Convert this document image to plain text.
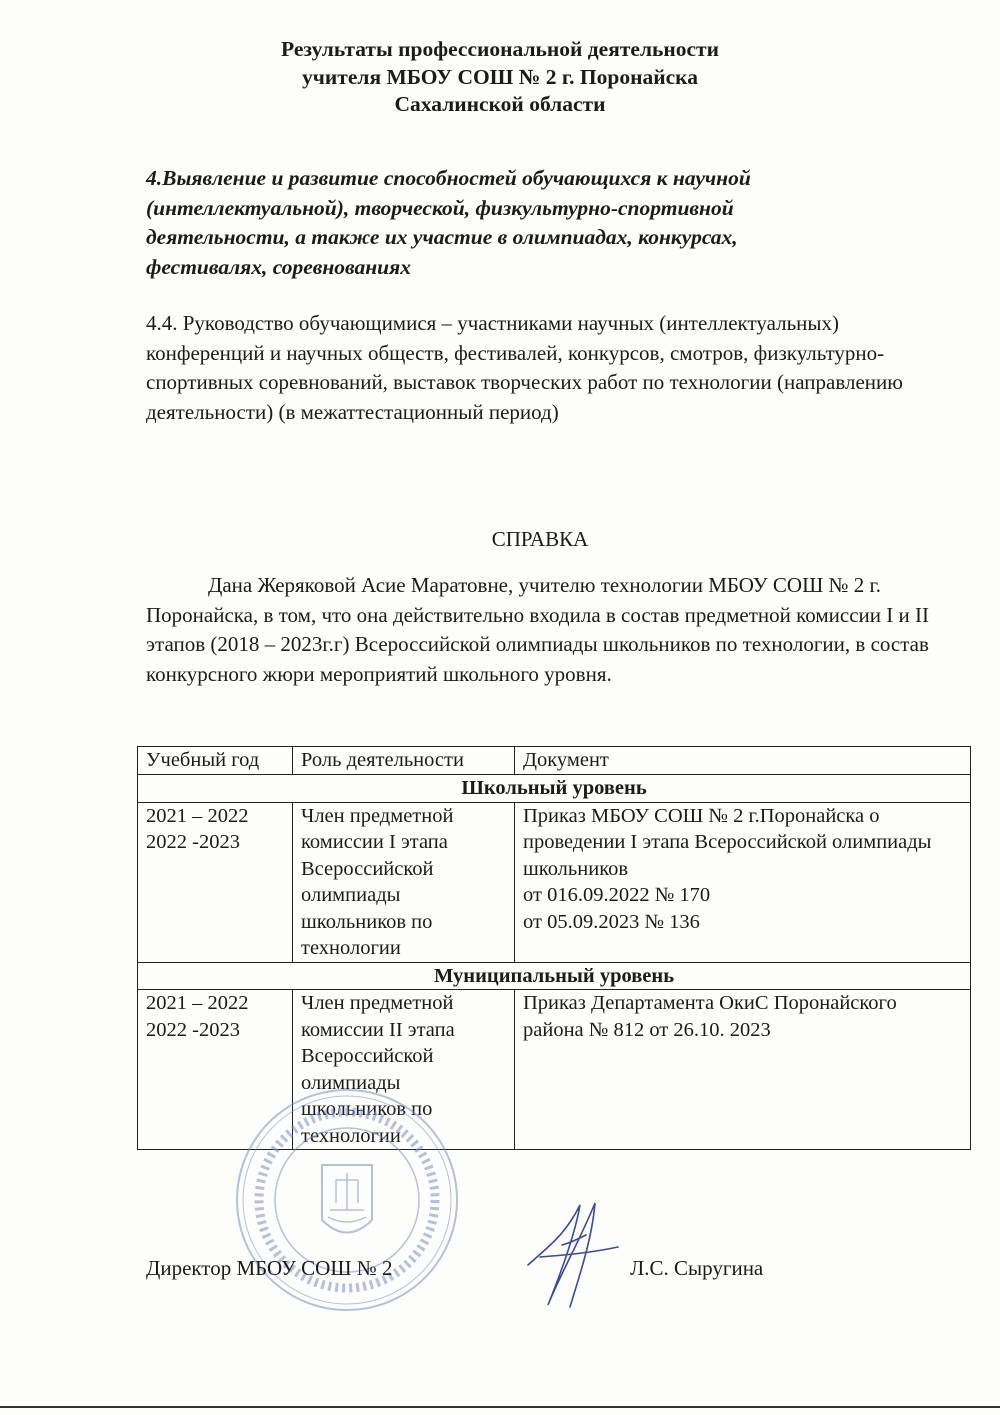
Результаты профессиональной деятельности
учителя МБОУ СОШ № 2 г. Поронайска
Сахалинской области
4.Выявление и развитие способностей обучающихся к научной (интеллектуальной), творческой, физкультурно-спортивной деятельности, а также их участие в олимпиадах, конкурсах, фестивалях, соревнованиях
4.4. Руководство обучающимися – участниками научных (интеллектуальных) конференций и научных обществ, фестивалей, конкурсов, смотров, физкультурно-спортивных соревнований, выставок творческих работ по технологии (направлению деятельности) (в межаттестационный период)
СПРАВКА
Дана Жеряковой Асие Маратовне, учителю технологии МБОУ СОШ № 2 г. Поронайска, в том, что она действительно входила в состав предметной комиссии I и II этапов (2018 – 2023г.г) Всероссийской олимпиады школьников по технологии, в состав конкурсного жюри мероприятий школьного уровня.
Учебный год	Роль деятельности	Документ
Школьный уровень		

2021 – 2022
2022 -2023	Член предметной комиссии I этапа Всероссийской олимпиады школьников по технологии	Приказ МБОУ СОШ № 2 г.Поронайска о проведении I этапа Всероссийской олимпиады школьников
от 016.09.2022 № 170
от 05.09.2023 № 136

Муниципальный уровень		

2021 – 2022
2022 -2023	Член предметной комиссии II этапа Всероссийской олимпиады школьников по технологии	Приказ Департамента ОкиС Поронайского района № 812 от 26.10. 2023
Директор МБОУ СОШ № 2	Л.С. Сыругина
